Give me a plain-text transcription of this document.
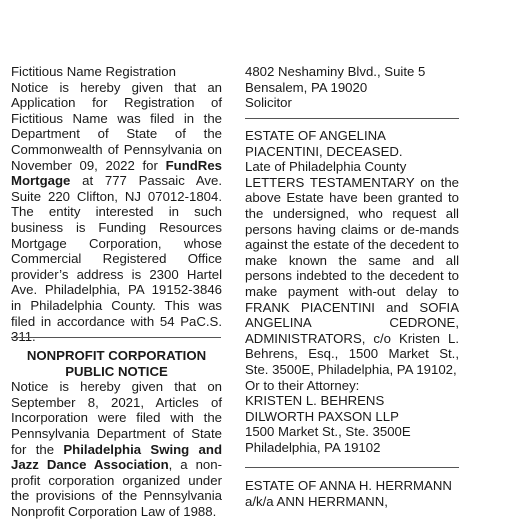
Fictitious Name Registration

Notice is hereby given that an Application for Registration of Fictitious Name was filed in the Department of State of the Commonwealth of Pennsylvania on November 09, 2022 for FundRes Mortgage at 777 Passaic Ave. Suite 220 Clifton, NJ 07012-1804. The entity interested in such business is Funding Resources Mortgage Corporation, whose Commercial Registered Office provider’s address is 2300 Hartel Ave. Philadelphia, PA 19152-3846 in Philadelphia County. This was filed in accordance with 54 PaC.S. 311.

NONPROFIT CORPORATION
PUBLIC NOTICE

Notice is hereby given that on September 8, 2021, Articles of Incorporation were filed with the Pennsylvania Department of State for the Philadelphia Swing and Jazz Dance Association, a non-profit corporation organized under the provisions of the Pennsylvania Nonprofit Corporation Law of 1988.

4802 Neshaminy Blvd., Suite 5
Bensalem, PA 19020
Solicitor
ESTATE OF ANGELINA
PIACENTINI, DECEASED.
Late of Philadelphia County

LETTERS TESTAMENTARY on the above Estate have been granted to the undersigned, who request all persons having claims or de-mands against the estate of the decedent to make known the same and all persons indebted to the decedent to make payment with-out delay to FRANK PIACENTINI and SOFIA ANGELINA CEDRONE, ADMINISTRATORS, c/o Kristen L. Behrens, Esq., 1500 Market St., Ste. 3500E, Philadelphia, PA 19102,

Or to their Attorney:
KRISTEN L. BEHRENS
DILWORTH PAXSON LLP
1500 Market St., Ste. 3500E
Philadelphia, PA 19102
ESTATE OF ANNA H. HERRMANN
a/k/a ANN HERRMANN,
